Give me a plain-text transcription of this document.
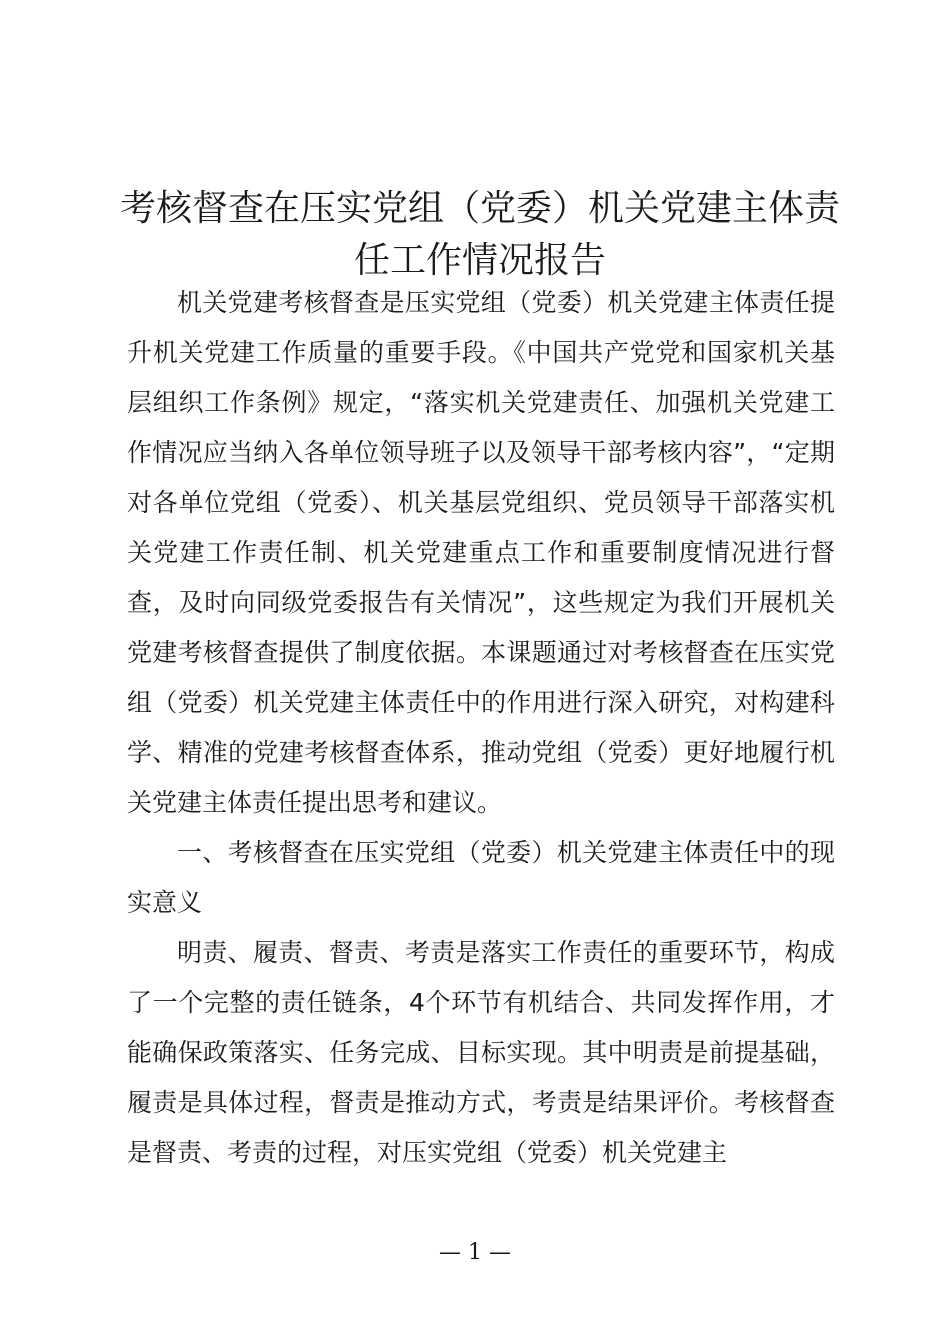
考核督查在压实党组（党委）机关党建主体责任工作情况报告

机关党建考核督查是压实党组（党委）机关党建主体责任提升机关党建工作质量的重要手段。《中国共产党党和国家机关基层组织工作条例》规定，“落实机关党建责任、加强机关党建工作情况应当纳入各单位领导班子以及领导干部考核内容”，“定期对各单位党组（党委）、机关基层党组织、党员领导干部落实机关党建工作责任制、机关党建重点工作和重要制度情况进行督查，及时向同级党委报告有关情况”，这些规定为我们开展机关党建考核督查提供了制度依据。本课题通过对考核督查在压实党组（党委）机关党建主体责任中的作用进行深入研究，对构建科学、精准的党建考核督查体系，推动党组（党委）更好地履行机关党建主体责任提出思考和建议。

一、考核督查在压实党组（党委）机关党建主体责任中的现实意义

明责、履责、督责、考责是落实工作责任的重要环节，构成了一个完整的责任链条，4个环节有机结合、共同发挥作用，才能确保政策落实、任务完成、目标实现。其中明责是前提基础，履责是具体过程，督责是推动方式，考责是结果评价。考核督查是督责、考责的过程，对压实党组（党委）机关党建主

— 1 —
